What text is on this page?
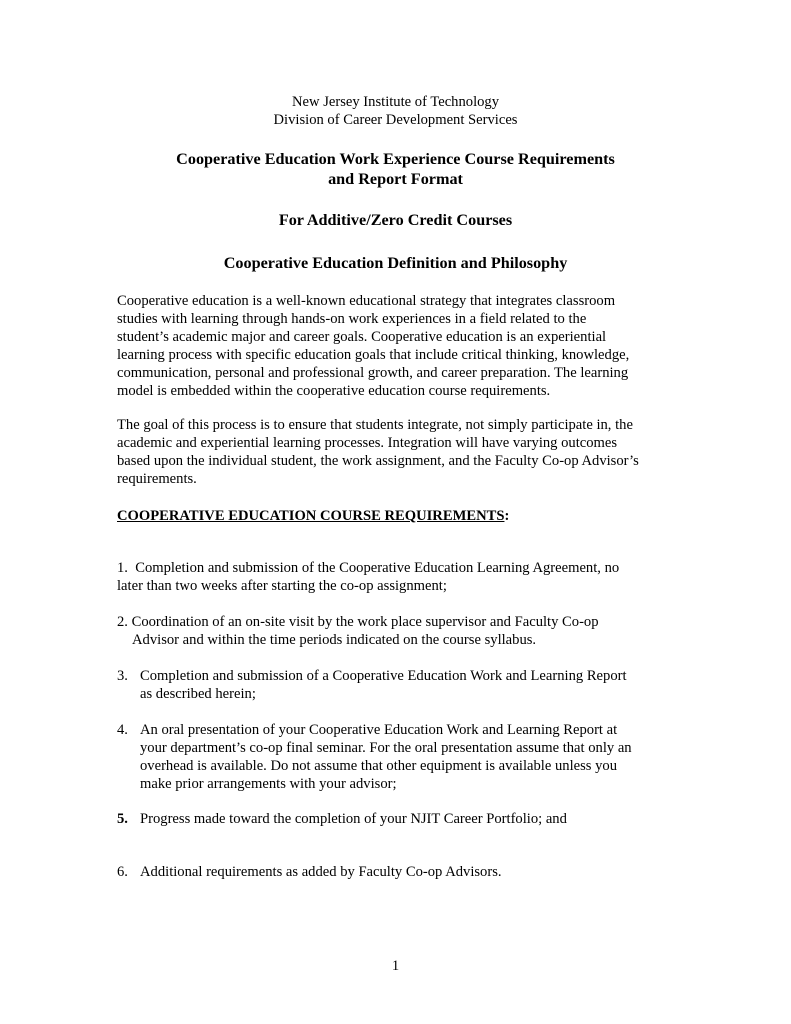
New Jersey Institute of Technology
Division of Career Development Services
Cooperative Education Work Experience Course Requirements
and Report Format
For Additive/Zero Credit Courses
Cooperative Education Definition and Philosophy
Cooperative education is a well-known educational strategy that integrates classroom
studies with learning through hands-on work experiences in a field related to the
student’s academic major and career goals. Cooperative education is an experiential
learning process with specific education goals that include critical thinking, knowledge,
communication, personal and professional growth, and career preparation. The learning
model is embedded within the cooperative education course requirements.
The goal of this process is to ensure that students integrate, not simply participate in, the
academic and experiential learning processes. Integration will have varying outcomes
based upon the individual student, the work assignment, and the Faculty Co-op Advisor’s
requirements.
COOPERATIVE EDUCATION COURSE REQUIREMENTS:
1. Completion and submission of the Cooperative Education Learning Agreement, no
later than two weeks after starting the co-op assignment;
2. Coordination of an on-site visit by the work place supervisor and Faculty Co-op
Advisor and within the time periods indicated on the course syllabus.
3. Completion and submission of a Cooperative Education Work and Learning Report
as described herein;
4. An oral presentation of your Cooperative Education Work and Learning Report at
your department’s co-op final seminar. For the oral presentation assume that only an
overhead is available. Do not assume that other equipment is available unless you
make prior arrangements with your advisor;
5. Progress made toward the completion of your NJIT Career Portfolio; and
6. Additional requirements as added by Faculty Co-op Advisors.
1
